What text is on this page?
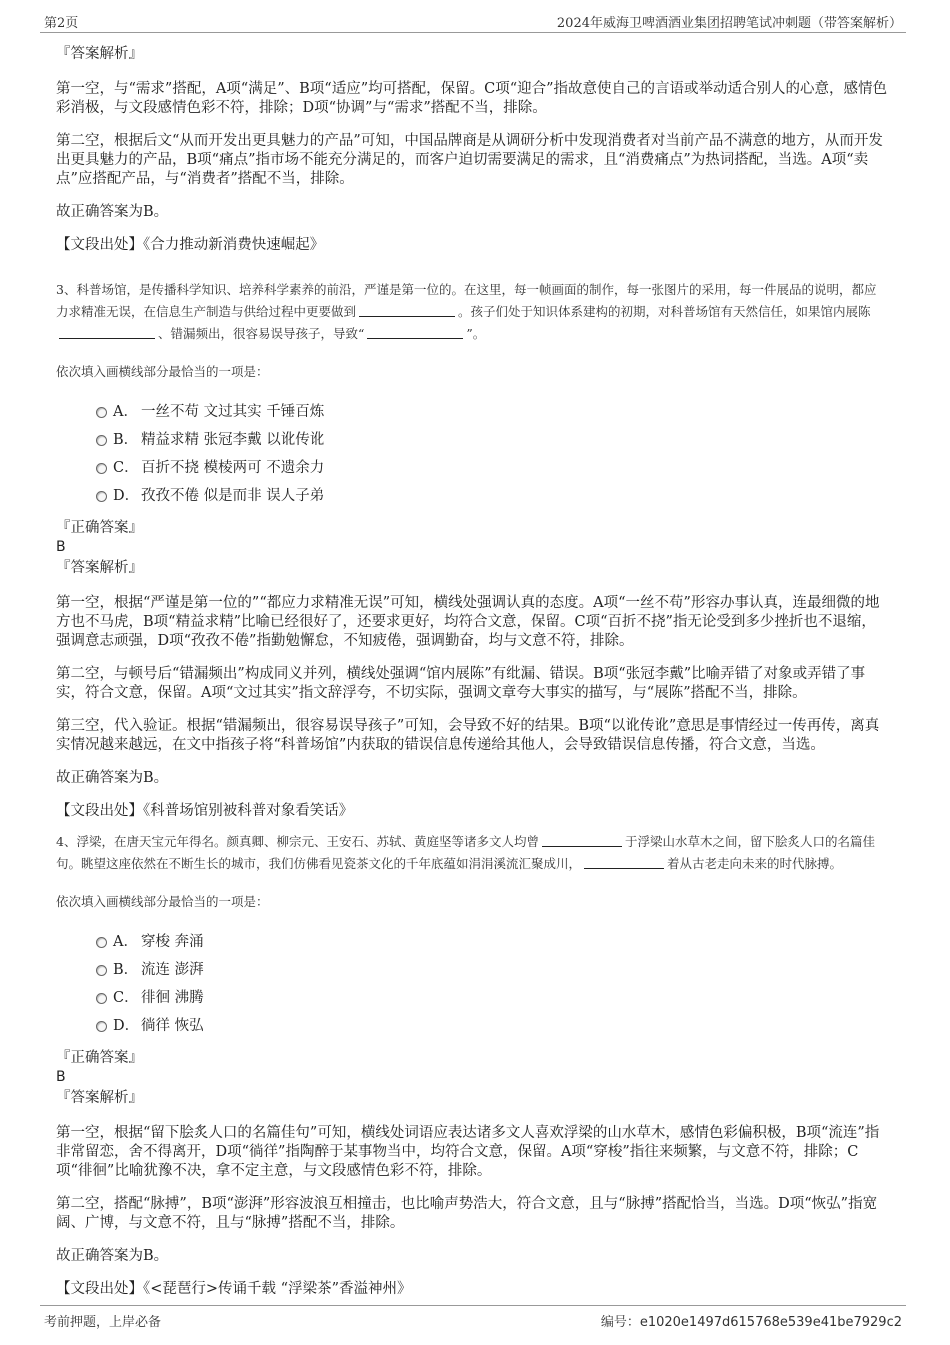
第2页	2024年威海卫啤酒酒业集团招聘笔试冲刺题（带答案解析）

『答案解析』

第一空，与“需求”搭配，A项“满足”、B项“适应”均可搭配，保留。C项“迎合”指故意使自己的言语或举动适合别人的心意，感情色彩消极，与文段感情色彩不符，排除；D项“协调”与“需求”搭配不当，排除。

第二空，根据后文“从而开发出更具魅力的产品”可知，中国品牌商是从调研分析中发现消费者对当前产品不满意的地方，从而开发出更具魅力的产品，B项“痛点”指市场不能充分满足的，而客户迫切需要满足的需求，且“消费痛点”为热词搭配，当选。A项“卖点”应搭配产品，与“消费者”搭配不当，排除。

故正确答案为B。

【文段出处】《合力推动新消费快速崛起》

3、科普场馆，是传播科学知识、培养科学素养的前沿，严谨是第一位的。在这里，每一帧画面的制作，每一张图片的采用，每一件展品的说明，都应力求精准无误，在信息生产制造与供给过程中更要做到	。孩子们处于知识体系建构的初期，对科普场馆有天然信任，如果馆内展陈、错漏频出，很容易误导孩子，导致“	”。

依次填入画横线部分最恰当的一项是：

A． 一丝不苟 文过其实 千锤百炼
B． 精益求精 张冠李戴 以讹传讹
C． 百折不挠 模棱两可 不遗余力
D． 孜孜不倦 似是而非 误人子弟

『正确答案』

B

『答案解析』

第一空，根据“严谨是第一位的”“都应力求精准无误”可知，横线处强调认真的态度。A项“一丝不苟”形容办事认真，连最细微的地方也不马虎，B项“精益求精”比喻已经很好了，还要求更好，均符合文意，保留。C项“百折不挠”指无论受到多少挫折也不退缩，强调意志顽强，D项“孜孜不倦”指勤勉懈怠，不知疲倦，强调勤奋，均与文意不符，排除。

第二空，与顿号后“错漏频出”构成同义并列，横线处强调“馆内展陈”有纰漏、错误。B项“张冠李戴”比喻弄错了对象或弄错了事实，符合文意，保留。A项“文过其实”指文辞浮夸，不切实际，强调文章夸大事实的描写，与“展陈”搭配不当，排除。

第三空，代入验证。根据“错漏频出，很容易误导孩子”可知，会导致不好的结果。B项“以讹传讹”意思是事情经过一传再传，离真实情况越来越远，在文中指孩子将“科普场馆”内获取的错误信息传递给其他人，会导致错误信息传播，符合文意，当选。

故正确答案为B。

【文段出处】《科普场馆别被科普对象看笑话》

4、浮梁，在唐天宝元年得名。颜真卿、柳宗元、王安石、苏轼、黄庭坚等诸多文人均曾	于浮梁山水草木之间，留下脍炙人口的名篇佳句。眺望这座依然在不断生长的城市，我们仿佛看见瓷茶文化的千年底蕴如涓涓溪流汇聚成川，	着从古老走向未来的时代脉搏。

依次填入画横线部分最恰当的一项是：

A． 穿梭 奔涌
B． 流连 澎湃
C． 徘徊 沸腾
D． 徜徉 恢弘

『正确答案』

B

『答案解析』

第一空，根据“留下脍炙人口的名篇佳句”可知，横线处词语应表达诸多文人喜欢浮梁的山水草木，感情色彩偏积极，B项“流连”指非常留恋，舍不得离开，D项“徜徉”指陶醉于某事物当中，均符合文意，保留。A项“穿梭”指往来频繁，与文意不符，排除；C项“徘徊”比喻犹豫不决，拿不定主意，与文段感情色彩不符，排除。

第二空，搭配“脉搏”，B项“澎湃”形容波浪互相撞击，也比喻声势浩大，符合文意，且与“脉搏”搭配恰当，当选。D项“恢弘”指宽阔、广博，与文意不符，且与“脉搏”搭配不当，排除。

故正确答案为B。

【文段出处】《<琵琶行>传诵千载 “浮梁茶”香溢神州》

考前押题，上岸必备	编号：e1020e1497d615768e539e41be7929c2
